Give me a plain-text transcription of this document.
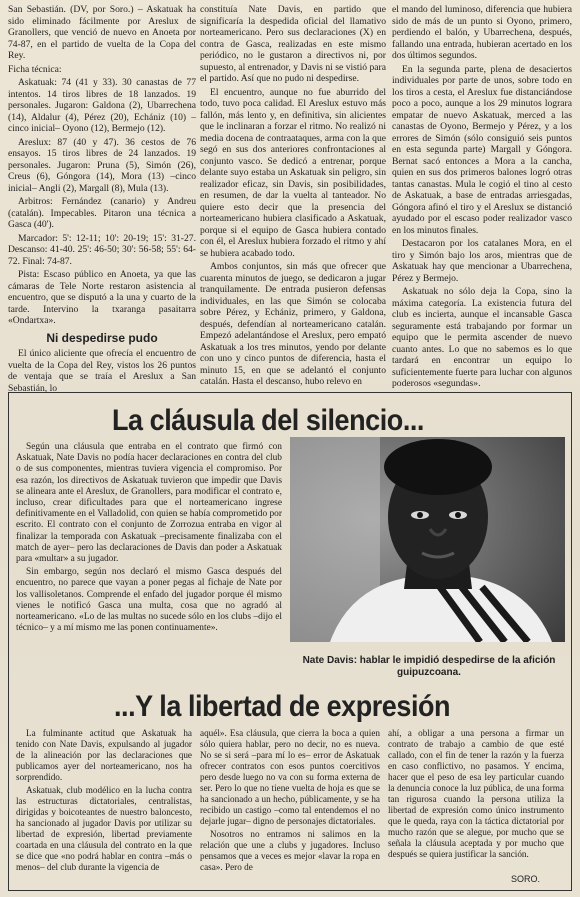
San Sebastián. (DV, por Soro.) – Askatuak ha sido eliminado fácilmente por Areslux de Granollers, que venció de nuevo en Anoeta por 74-87, en el partido de vuelta de la Copa del Rey.

Ficha técnica:

Askatuak: 74 (41 y 33). 30 canastas de 77 intentos. 14 tiros libres de 18 lanzados. 19 personales. Jugaron: Galdona (2), Ubarrechena (14), Aldalur (4), Pérez (20), Echániz (10) –cinco inicial– Oyono (12), Bermejo (12).

Areslux: 87 (40 y 47). 36 cestos de 76 ensayos. 15 tiros libres de 24 lanzados. 19 personales. Jugaron: Pruna (5), Simón (26), Creus (6), Góngora (14), Mora (13) –cinco inicial– Angli (2), Margall (8), Mula (13).

Arbitros: Fernández (canario) y Andreu (catalán). Impecables. Pitaron una técnica a Gasca (40').

Marcador: 5': 12-11; 10': 20-19; 15': 31-27. Descanso: 41-40. 25': 46-50; 30': 56-58; 55': 64-72. Final: 74-87.

Pista: Escaso público en Anoeta, ya que las cámaras de Tele Norte restaron asistencia al encuentro, que se disputó a la una y cuarto de la tarde. Intervino la txaranga pasaitarra «Ondartxa».

Ni despedirse pudo

El único aliciente que ofrecía el encuentro de vuelta de la Copa del Rey, vistos los 26 puntos de ventaja que se traía el Areslux a San Sebastián, lo

constituía Nate Davis, en partido que significaría la despedida oficial del llamativo norteamericano. Pero sus declaraciones (X) en contra de Gasca, realizadas en este mismo periódico, no le gustaron a directivos ni, por supuesto, al entrenador, y Davis ni se vistió para el partido. Así que no pudo ni despedirse.

El encuentro, aunque no fue aburrido del todo, tuvo poca calidad. El Areslux estuvo más fallón, más lento y, en definitiva, sin alicientes que le inclinaran a forzar el ritmo. No realizó ni media docena de contraataques, arma con la que segó en sus dos anteriores confrontaciones al conjunto vasco. Se dedicó a entrenar, porque delante suyo estaba un Askatuak sin peligro, sin realizador eficaz, sin Davis, sin posibilidades, en resumen, de dar la vuelta al tanteador. No quiere esto decir que la presencia del norteamericano hubiera clasificado a Askatuak, porque si el equipo de Gasca hubiera contado con él, el Areslux hubiera forzado el ritmo y ahí se hubiera acabado todo.

Ambos conjuntos, sin más que ofrecer que cuarenta minutos de juego, se dedicaron a jugar tranquilamente. De entrada pusieron defensas individuales, en las que Simón se colocaba sobre Pérez, y Echániz, primero, y Galdona, después, defendían al norteamericano catalán. Empezó adelantándose el Areslux, pero empató Askatuak a los tres minutos, yendo por delante con uno y cinco puntos de diferencia, hasta el minuto 15, en que se adelantó el conjunto catalán. Hasta el descanso, hubo relevo en

el mando del luminoso, diferencia que hubiera sido de más de un punto si Oyono, primero, perdiendo el balón, y Ubarrechena, después, fallando una entrada, hubieran acertado en los dos últimos segundos.

En la segunda parte, plena de desaciertos individuales por parte de unos, sobre todo en los tiros a cesta, el Areslux fue distanciándose poco a poco, aunque a los 29 minutos lograra empatar de nuevo Askatuak, merced a las canastas de Oyono, Bermejo y Pérez, y a los errores de Simón (sólo consiguió seis puntos en esta segunda parte) Margall y Góngora. Bernat sacó entonces a Mora a la cancha, quien en sus dos primeros balones logró otras tantas canastas. Mula le cogió el tino al cesto de Askatuak, a base de entradas arriesgadas, Góngora afinó el tiro y el Areslux se distanció ayudado por el escaso poder realizador vasco en los minutos finales.

Destacaron por los catalanes Mora, en el tiro y Simón bajo los aros, mientras que de Askatuak hay que mencionar a Ubarrechena, Pérez y Bermejo.

Askatuak no sólo deja la Copa, sino la máxima categoría. La existencia futura del club es incierta, aunque el incansable Gasca seguramente está trabajando por formar un equipo que le permita ascender de nuevo cuanto antes. Lo que no sabemos es lo que tardará en encontrar un equipo lo suficientemente fuerte para luchar con algunos poderosos «segundas».

La cláusula del silencio...

Según una cláusula que entraba en el contrato que firmó con Askatuak, Nate Davis no podía hacer declaraciones en contra del club o de sus componentes, mientras tuviera vigencia el compromiso. Por esa razón, los directivos de Askatuak tuvieron que impedir que Davis se alineara ante el Areslux, de Granollers, para modificar el contrato e, incluso, crear dificultades para que el norteamericano ingrese definitivamente en el Valladolid, con quien se había comprometido por escrito. El contrato con el conjunto de Zorrozua entraba en vigor al finalizar la temporada con Askatuak –precisamente finalizaba con el match de ayer– pero las declaraciones de Davis dan poder a Askatuak para «multar» a su jugador.

Sin embargo, según nos declaró el mismo Gasca después del encuentro, no parece que vayan a poner pegas al fichaje de Nate por los vallisoletanos. Comprende el enfado del jugador porque él mismo vienes le notificó Gasca una multa, cosa que no agradó al norteamericano. «Lo de las multas no sucede sólo en los clubs –dijo el técnico– y a mí mismo me las ponen continuamente».

Nate Davis: hablar le impidió despedirse de la afición guipuzcoana.
...Y la libertad de expresión

La fulminante actitud que Askatuak ha tenido con Nate Davis, expulsando al jugador de la alineación por las declaraciones que publicamos ayer del norteamericano, nos ha sorprendido.

Askatuak, club modélico en la lucha contra las estructuras dictatoriales, centralistas, dirigidas y boicoteantes de nuestro baloncesto, ha sancionado al jugador Davis por utilizar su libertad de expresión, libertad previamente coartada en una cláusula del contrato en la que se dice que «no podrá hablar en contra –más o menos– del club durante la vigencia de

aquél». Esa cláusula, que cierra la boca a quien sólo quiera hablar, pero no decir, no es nueva. No se si será –para mí lo es– error de Askatuak ofrecer contratos con esos puntos coercitivos pero desde luego no va con su forma externa de ser. Pero lo que no tiene vuelta de hoja es que se ha sancionado a un hecho, públicamente, y se ha recibido un castigo –como tal entendemos el no dejarle jugar– digno de personajes dictatoriales.

Nosotros no entramos ni salimos en la relación que une a clubs y jugadores. Incluso pensamos que a veces es mejor «lavar la ropa en casa». Pero de

ahí, a obligar a una persona a firmar un contrato de trabajo a cambio de que esté callado, con el fin de tener la razón y la fuerza en caso conflictivo, no pasamos. Y encima, hacer que el peso de esa ley particular cuando la denuncia conoce la luz pública, de una forma tan rigurosa cuando la persona utiliza la libertad de expresión como único instrumento que le queda, raya con la táctica dictatorial por mucho razón que se alegue, por mucho que se señala la cláusula aceptada y por mucho que después se quiera justificar la sanción.

SORO.
